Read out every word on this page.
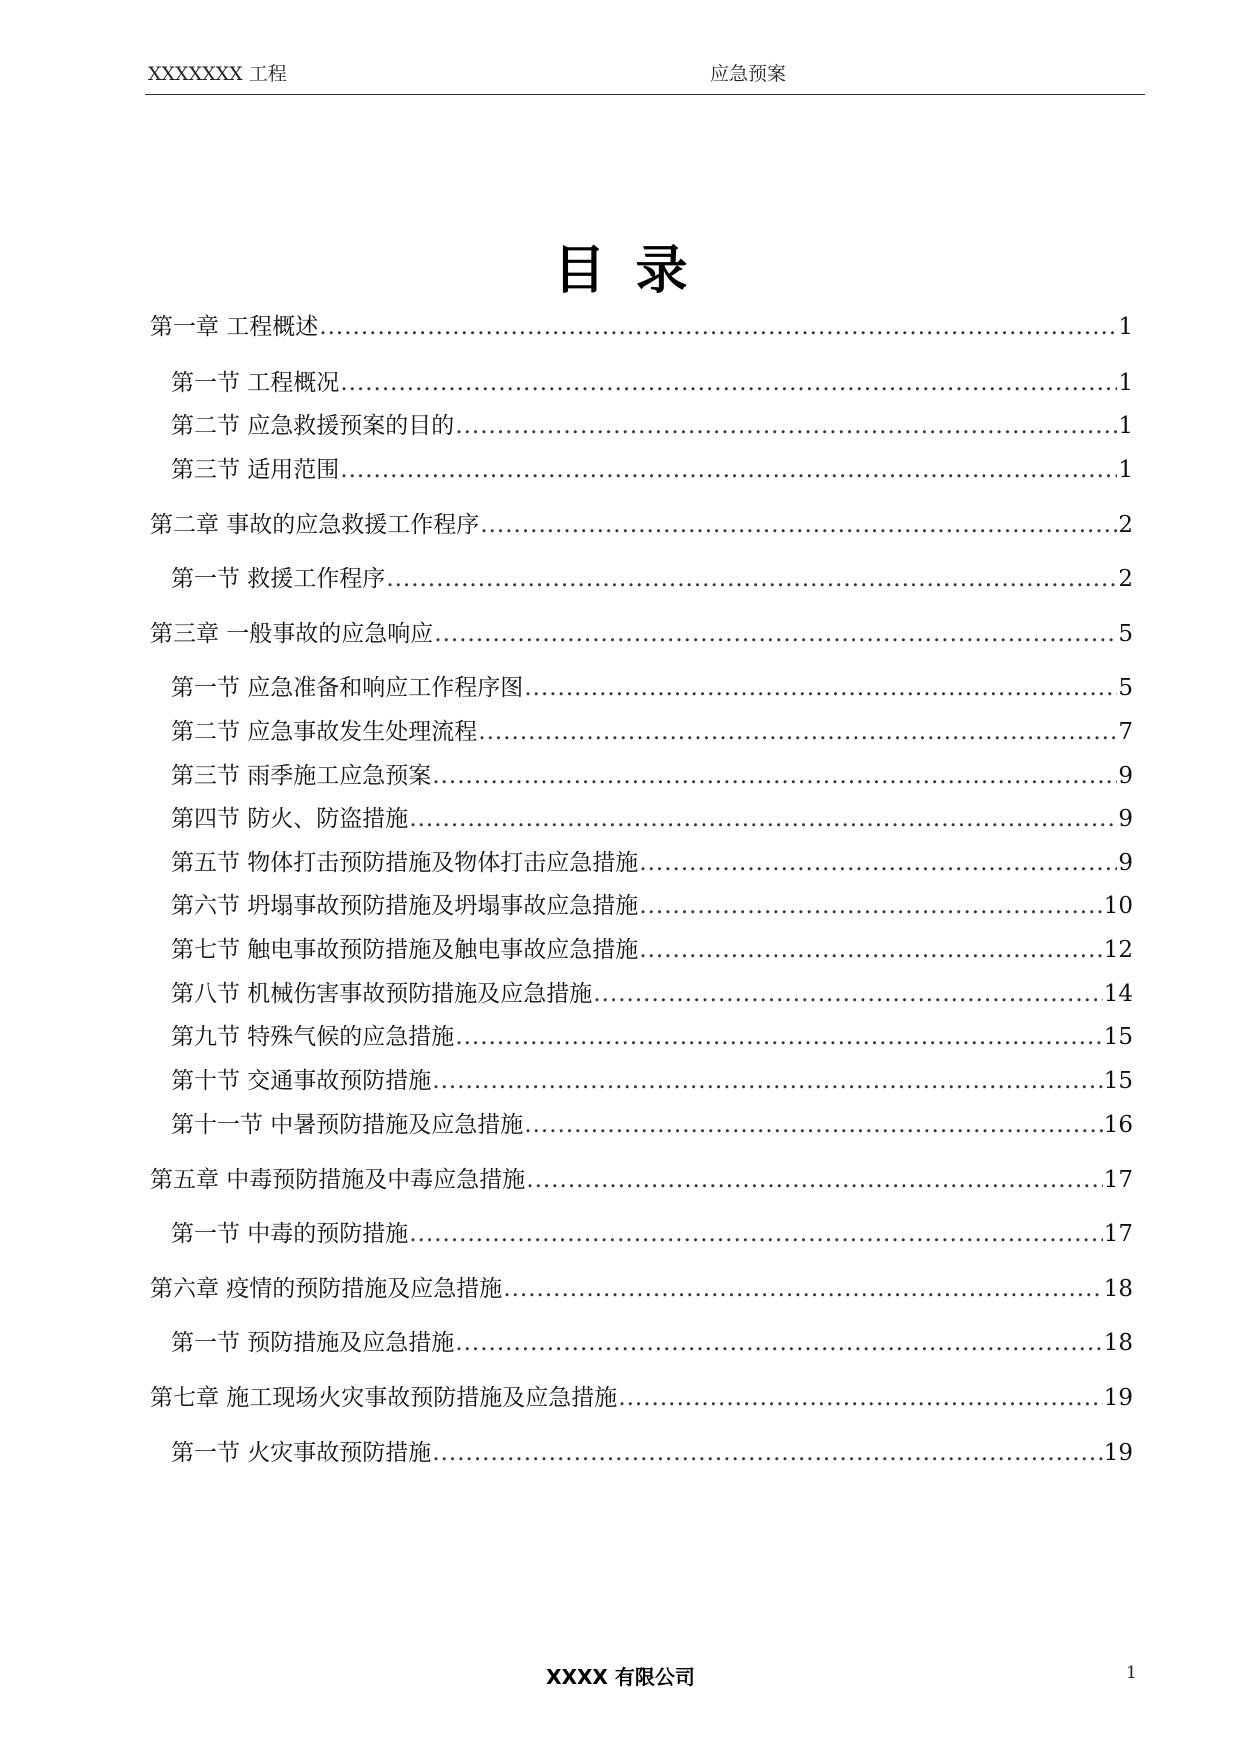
XXXXXXX 工程	应急预案
目录
第一章 工程概述 .....	1
第一节 工程概况 .....	1
第二节 应急救援预案的目的 .....	1
第三节 适用范围 .....	1
第二章 事故的应急救援工作程序 .....	2
第一节 救援工作程序 .....	2
第三章 一般事故的应急响应 .....	5
第一节 应急准备和响应工作程序图 .....	5
第二节 应急事故发生处理流程 .....	7
第三节 雨季施工应急预案 .....	9
第四节 防火、防盗措施 .....	9
第五节 物体打击预防措施及物体打击应急措施 .....	9
第六节 坍塌事故预防措施及坍塌事故应急措施 .....	10
第七节 触电事故预防措施及触电事故应急措施 .....	12
第八节 机械伤害事故预防措施及应急措施 .....	14
第九节 特殊气候的应急措施 .....	15
第十节 交通事故预防措施 .....	15
第十一节 中暑预防措施及应急措施 .....	16
第五章 中毒预防措施及中毒应急措施 .....	17
第一节 中毒的预防措施 .....	17
第六章 疫情的预防措施及应急措施 .....	18
第一节 预防措施及应急措施 .....	18
第七章 施工现场火灾事故预防措施及应急措施 .....	19
第一节 火灾事故预防措施 .....	19
XXXX 有限公司	1
